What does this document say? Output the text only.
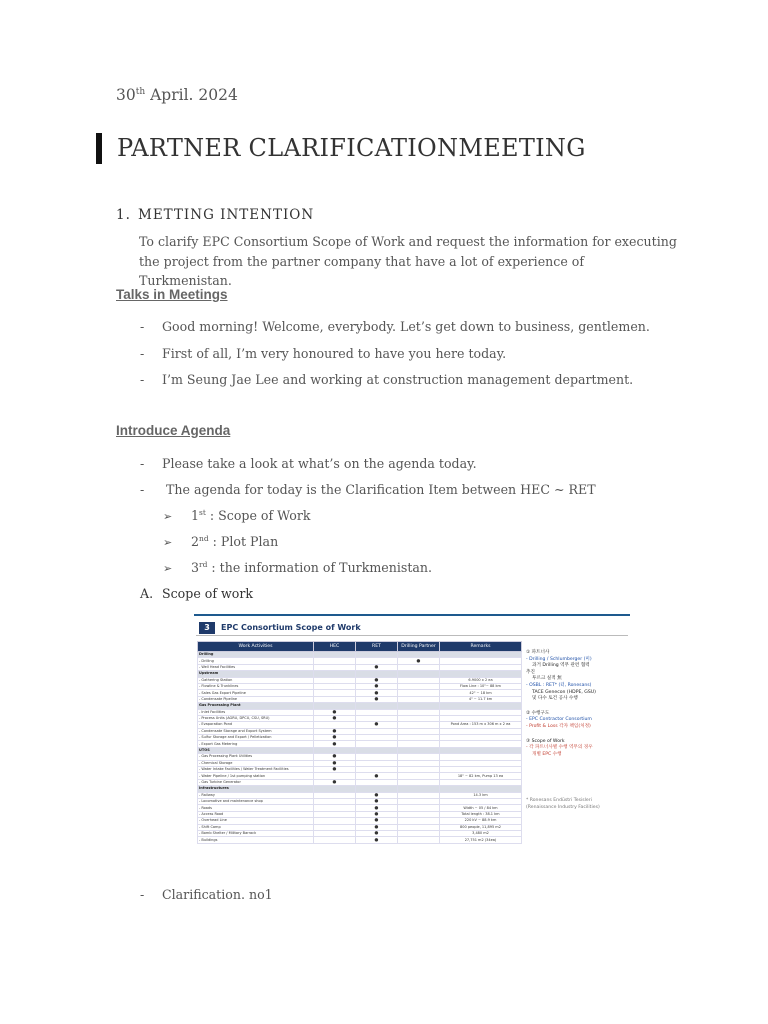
30th April. 2024
PARTNER CLARIFICATIONMEETING
1. METTING INTENTION
To clarify EPC Consortium Scope of Work and request the information for executing
the project from the partner company that have a lot of experience of Turkmenistan.
Talks in Meetings
- Good morning! Welcome, everybody. Let’s get down to business, gentlemen.
- First of all, I’m very honoured to have you here today.
- I’m Seung Jae Lee and working at construction management department.
Introduce Agenda
- Please take a look at what’s on the agenda today.
- The agenda for today is the Clarification Item between HEC ~ RET
➢ 1st : Scope of Work
➢ 2nd : Plot Plan
➢ 3rd : the information of Turkmenistan.
A. Scope of work
3	EPC Consortium Scope of Work
Work Activities	HEC	RET	Drilling Partner	Remarks
Drilling				
- Drilling			●	
- Well Head Facilities		●		
Upstream				
- Gathering Station		●		6.9000 x 2 ea
- Flowline & Trunklines		●		Flow Line : 10"~ 88 km
- Sales Gas Export Pipeline		●		42" ~ 18 km
- Condensate Pipeline		●		4" ~ 11.7 km
Gas Processing Plant				
- Inlet Facilities	●			
- Process Units (AGRU, DPCU, CSU, SRU)	●			
- Evaporation Pond		●		Pond Area : 153 m x 306 m x 2 ea
- Condensate Storage and Export System	●			
- Sulfur Storage and Export / Pelletization	●			
- Export Gas Metering	●			
UTOS				
- Gas Processing Plant Utilities	●			
- Chemical Storage	●			
- Water Intake Facilities / Water Treatment Facilities	●			
- Water Pipeline / 1st pumping station		●		18" ~ 82 km, Pump 13 ea
- Gas Turbine Generator	●			
Infrastructures				
- Railway		●		14.3 km
- Locomotive and maintenance shop		●		
- Roads		●		Width ~ 05 / 84 km
- Access Road		●		Total length : 38.1 km
- Overhead Line		●		220 kV ~ 88.9 km
- Shift Camp		●		800 people, 11,895 m2
- Bomb Shelter / Military Barrack		●		3,480 m2
- Buildings		●		27,751 m2 (34ea)

① 파트너사

- Drilling / Schlumberger (미)

과거 Drilling 역무 관련 협력

추진

투르크 실적 無

- OSBL : RET* (터, Ronesans)

TACE Genecon (HDPE, GSU)

및 다수 토건 공사 수행

② 수행구도

- EPC Contractor Consortium

- Profit & Loss 각자 책임(처정)

③ Scope of Work

- 각 파트너사별 수행 역무의 경우

개별 EPC 수행

* Ronesans Endüstri Tesisleri

(Renaissance Industry Facilities)

- Clarification. no1
